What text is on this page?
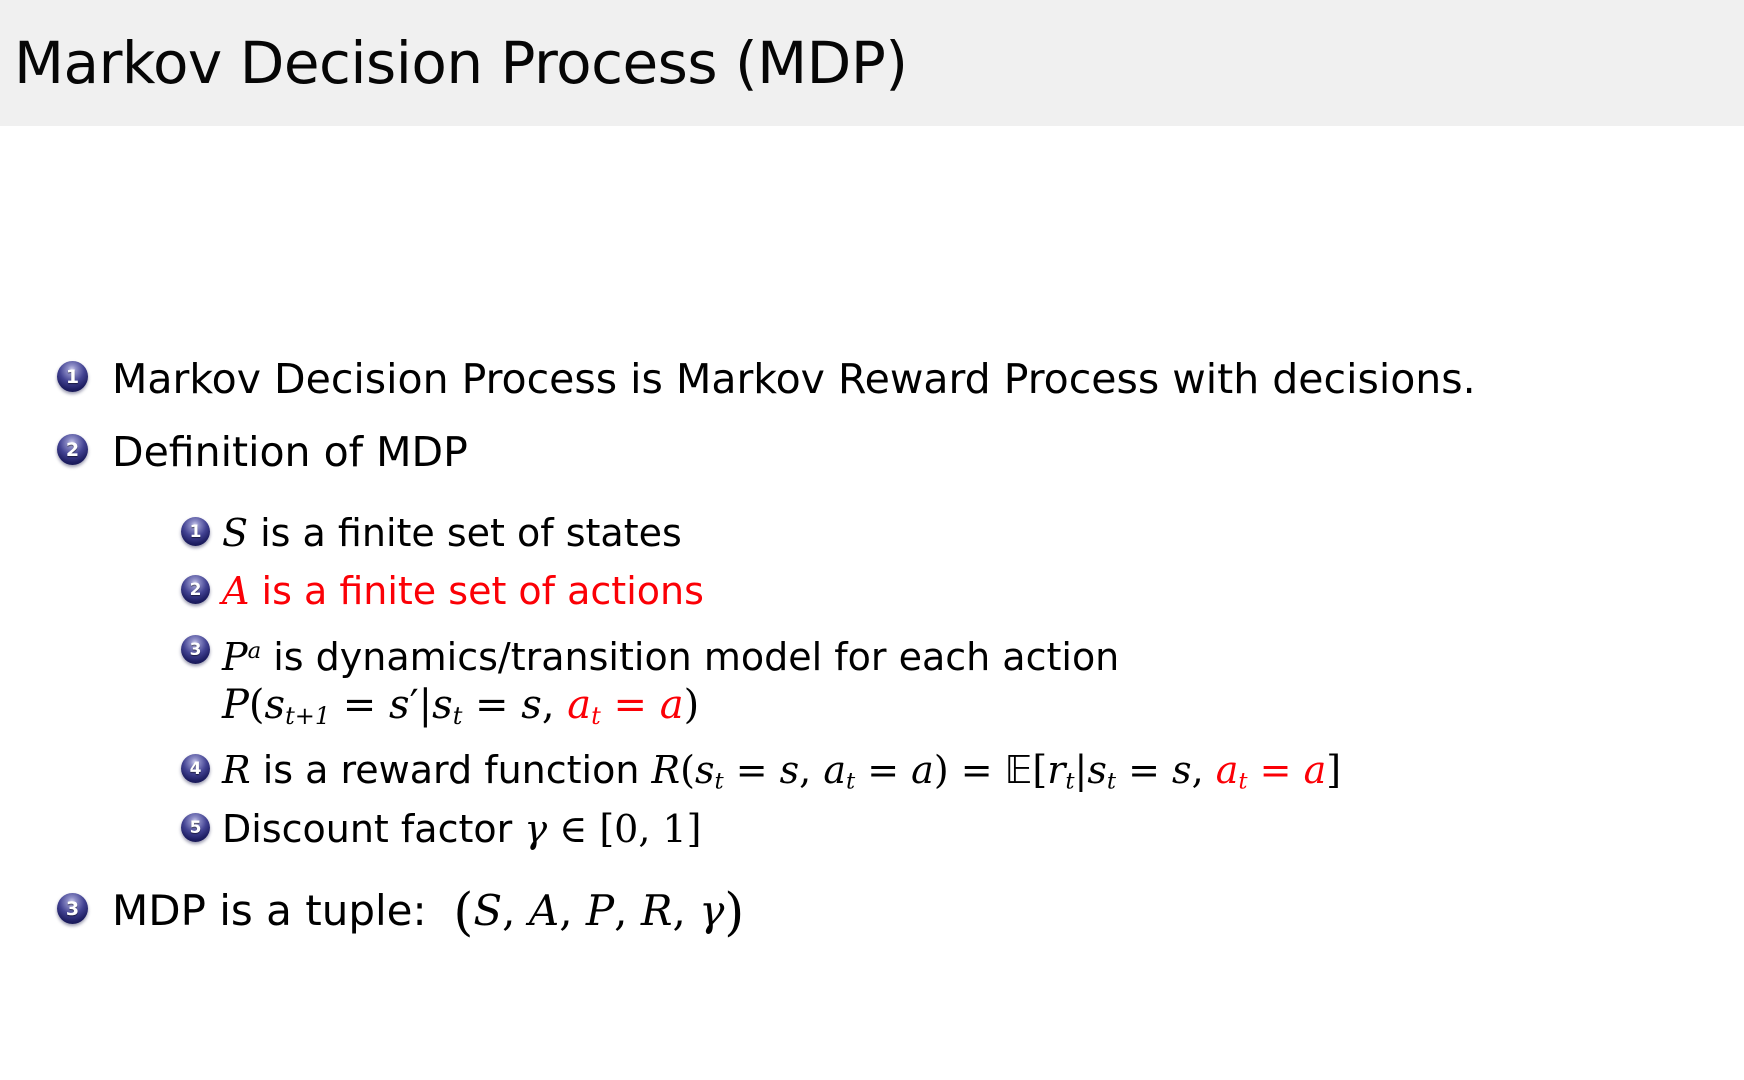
Markov Decision Process (MDP)
1 Markov Decision Process is Markov Reward Process with decisions.
2 Definition of MDP
1 S is a finite set of states
2 A is a finite set of actions
3 $P^a$ is dynamics/transition model for each action
P(st+1 = s′|st = s, at = a)
4 R is a reward function R(st = s, at = a) = 𝔼[rt|st = s, at = a]
5 Discount factor γ ∈ [0, 1]
3 MDP is a tuple:  (S, A, P, R, γ)
